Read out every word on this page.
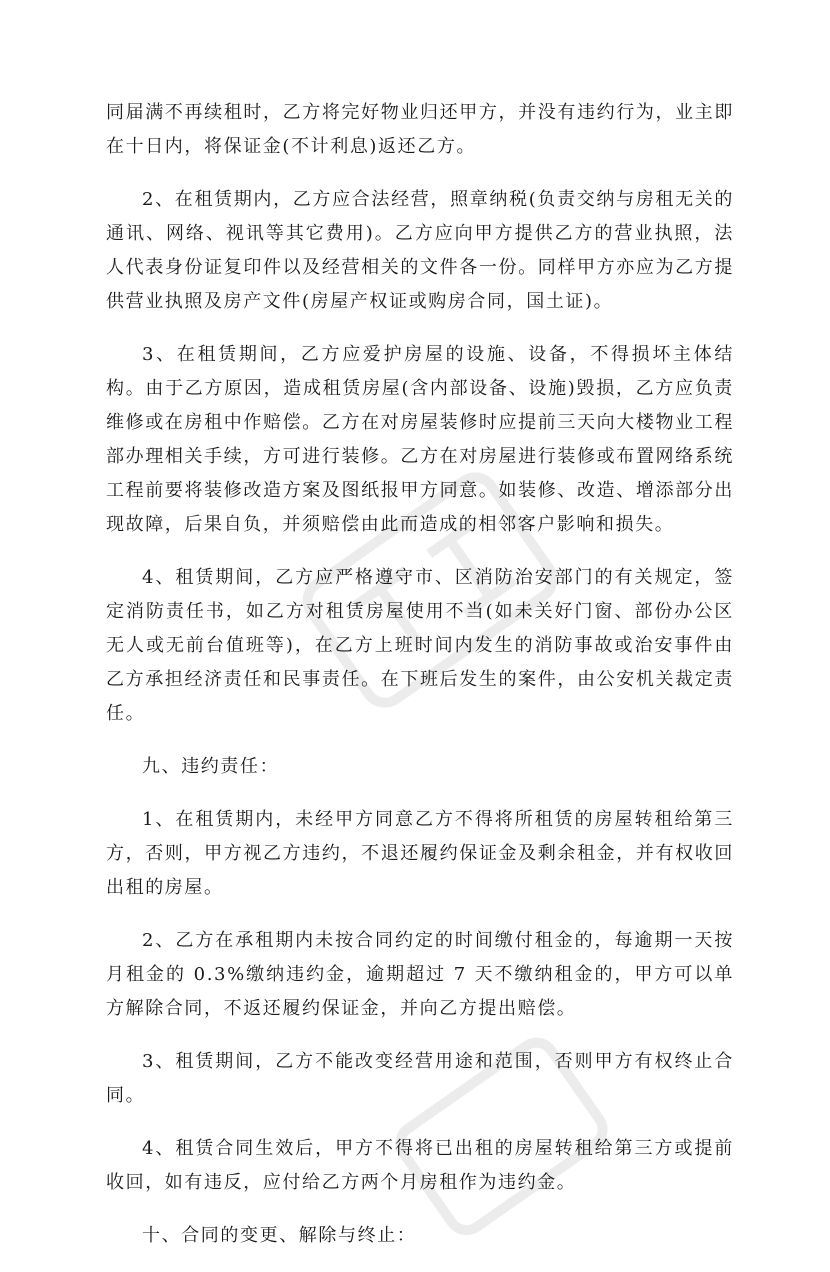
同届满不再续租时，乙方将完好物业归还甲方，并没有违约行为，业主即在十日内，将保证金(不计利息)返还乙方。

2、在租赁期内，乙方应合法经营，照章纳税(负责交纳与房租无关的通讯、网络、视讯等其它费用)。乙方应向甲方提供乙方的营业执照，法人代表身份证复印件以及经营相关的文件各一份。同样甲方亦应为乙方提供营业执照及房产文件(房屋产权证或购房合同，国土证)。

3、在租赁期间，乙方应爱护房屋的设施、设备，不得损坏主体结构。由于乙方原因，造成租赁房屋(含内部设备、设施)毁损，乙方应负责维修或在房租中作赔偿。乙方在对房屋装修时应提前三天向大楼物业工程部办理相关手续，方可进行装修。乙方在对房屋进行装修或布置网络系统工程前要将装修改造方案及图纸报甲方同意。如装修、改造、增添部分出现故障，后果自负，并须赔偿由此而造成的相邻客户影响和损失。

4、租赁期间，乙方应严格遵守市、区消防治安部门的有关规定，签定消防责任书，如乙方对租赁房屋使用不当(如未关好门窗、部份办公区无人或无前台值班等)，在乙方上班时间内发生的消防事故或治安事件由乙方承担经济责任和民事责任。在下班后发生的案件，由公安机关裁定责任。

九、违约责任：

1、在租赁期内，未经甲方同意乙方不得将所租赁的房屋转租给第三方，否则，甲方视乙方违约，不退还履约保证金及剩余租金，并有权收回出租的房屋。

2、乙方在承租期内未按合同约定的时间缴付租金的，每逾期一天按月租金的 0.3%缴纳违约金，逾期超过 7 天不缴纳租金的，甲方可以单方解除合同，不返还履约保证金，并向乙方提出赔偿。

3、租赁期间，乙方不能改变经营用途和范围，否则甲方有权终止合同。

4、租赁合同生效后，甲方不得将已出租的房屋转租给第三方或提前收回，如有违反，应付给乙方两个月房租作为违约金。

十、合同的变更、解除与终止：
